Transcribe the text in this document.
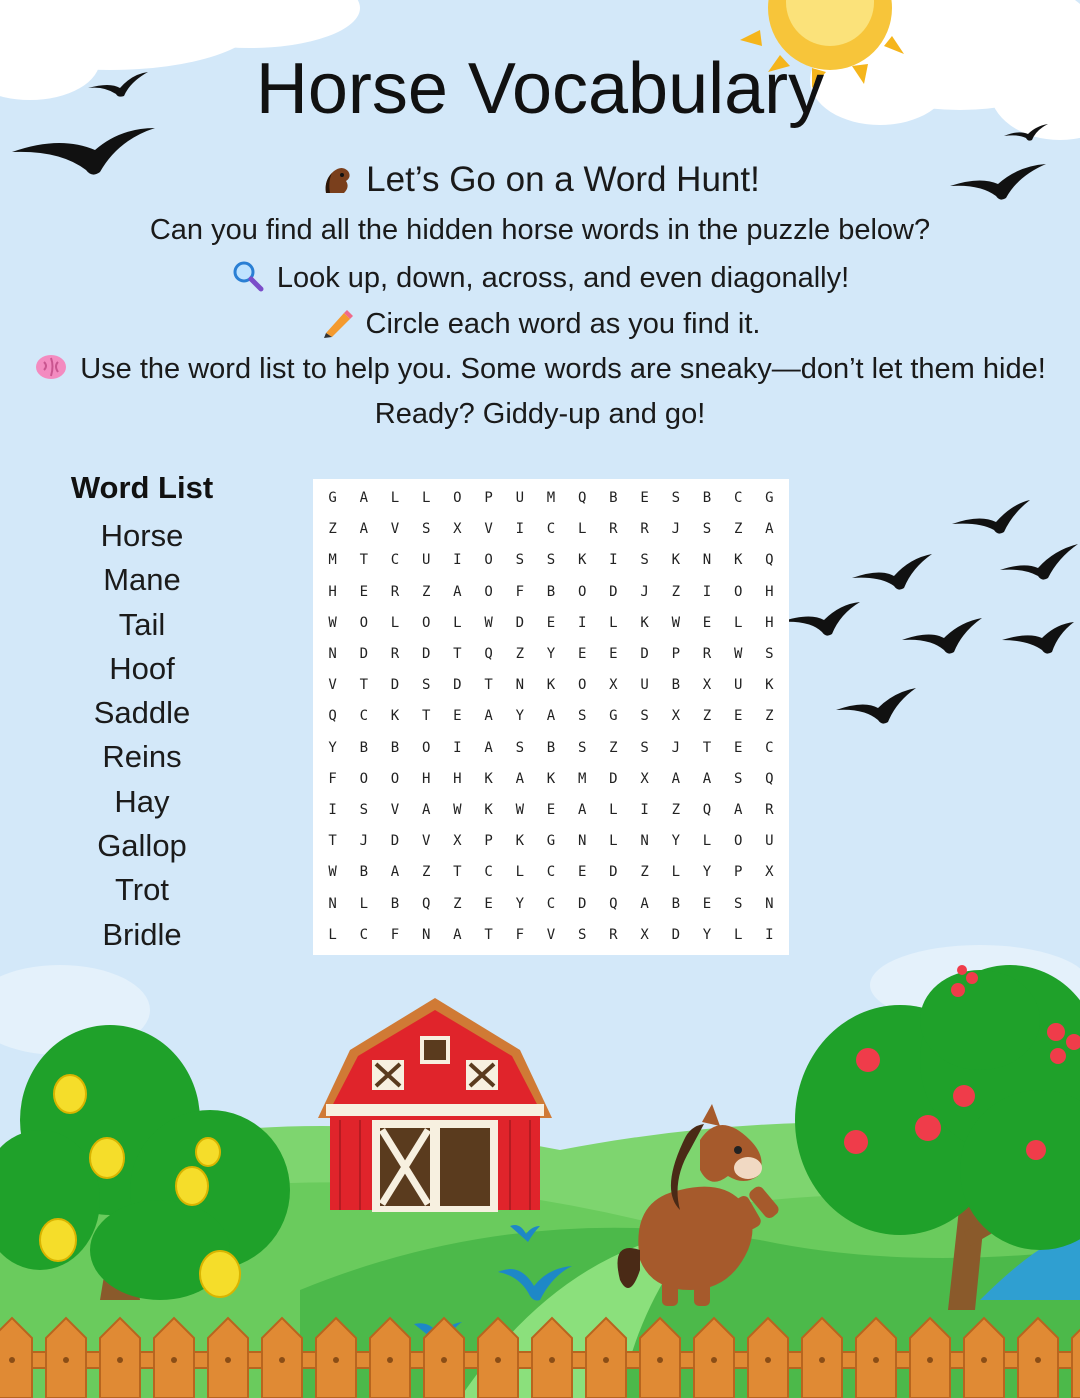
Horse Vocabulary

Let’s Go on a Word Hunt!

Can you find all the hidden horse words in the puzzle below?

Look up, down, across, and even diagonally!

Circle each word as you find it.

Use the word list to help you. Some words are sneaky—don’t let them hide!

Ready? Giddy-up and go!

Word List
Horse
Mane
Tail
Hoof
Saddle
Reins
Hay
Gallop
Trot
Bridle
G	A	L	L	O	P	U	M	Q	B	E	S	B	C	G
Z	A	V	S	X	V	I	C	L	R	R	J	S	Z	A
M	T	C	U	I	O	S	S	K	I	S	K	N	K	Q
H	E	R	Z	A	O	F	B	O	D	J	Z	I	O	H
W	O	L	O	L	W	D	E	I	L	K	W	E	L	H
N	D	R	D	T	Q	Z	Y	E	E	D	P	R	W	S
V	T	D	S	D	T	N	K	O	X	U	B	X	U	K
Q	C	K	T	E	A	Y	A	S	G	S	X	Z	E	Z
Y	B	B	O	I	A	S	B	S	Z	S	J	T	E	C
F	O	O	H	H	K	A	K	M	D	X	A	A	S	Q
I	S	V	A	W	K	W	E	A	L	I	Z	Q	A	R
T	J	D	V	X	P	K	G	N	L	N	Y	L	O	U
W	B	A	Z	T	C	L	C	E	D	Z	L	Y	P	X
N	L	B	Q	Z	E	Y	C	D	Q	A	B	E	S	N
L	C	F	N	A	T	F	V	S	R	X	D	Y	L	I
